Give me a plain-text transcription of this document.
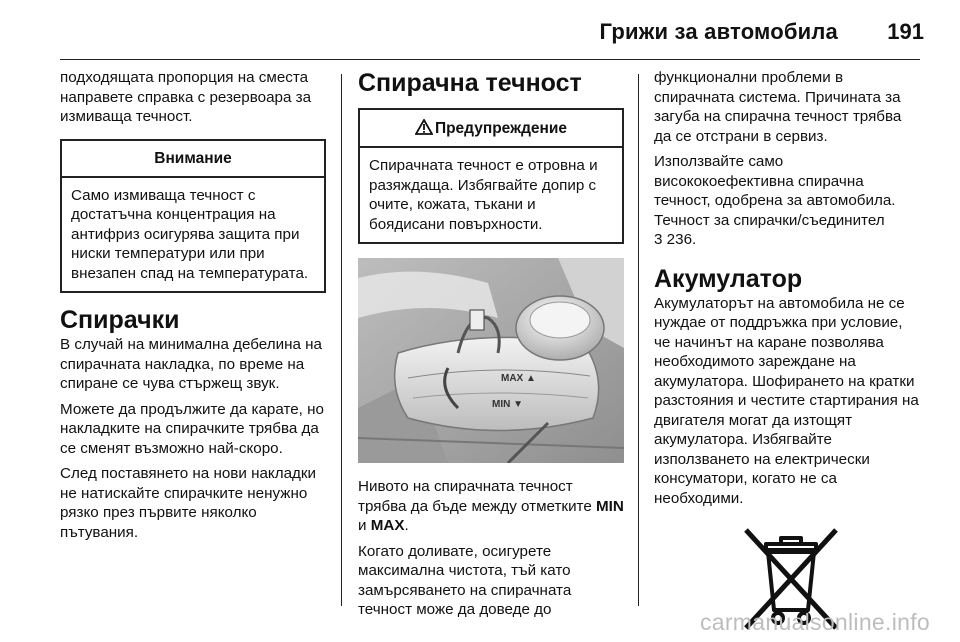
Грижи за автомобила 191

подходящата пропорция на сместа направете справка с резервоара за измиваща течност.

Внимание
Само измиваща течност с достатъчна концентрация на антифриз осигурява защита при ниски температури или при внезапен спад на температурата.
Спирачки

В случай на минимална дебелина на спирачната накладка, по време на спиране се чува стържещ звук.

Можете да продължите да карате, но накладките на спирачките трябва да се сменят възможно най-скоро.

След поставянето на нови накладки не натискайте спирачките ненужно рязко през първите няколко пътувания.

Спирачна течност
Предупреждение
Спирачната течност е отровна и разяждаща. Избягвайте допир с очите, кожата, тъкани и боядисани повърхности.
MAX ▲
MIN ▼

Нивото на спирачната течност трябва да бъде между отметките MIN и MAX.

Когато доливате, осигурете максимална чистота, тъй като замърсяването на спирачната течност може да доведе до

функционални проблеми в спирачната система. Причината за загуба на спирачна течност трябва да се отстрани в сервиз.

Използвайте само висококоефективна спирачна течност, одобрена за автомобила. Течност за спирачки/съединител
3 236.

Акумулатор

Акумулаторът на автомобила не се нуждае от поддръжка при условие, че начинът на каране позволява необходимото зареждане на акумулатора. Шофирането на кратки разстояния и честите стартирания на двигателя могат да изтощят акумулатора. Избягвайте използването на електрически консуматори, когато не са необходими.

carmanualsonline.info
